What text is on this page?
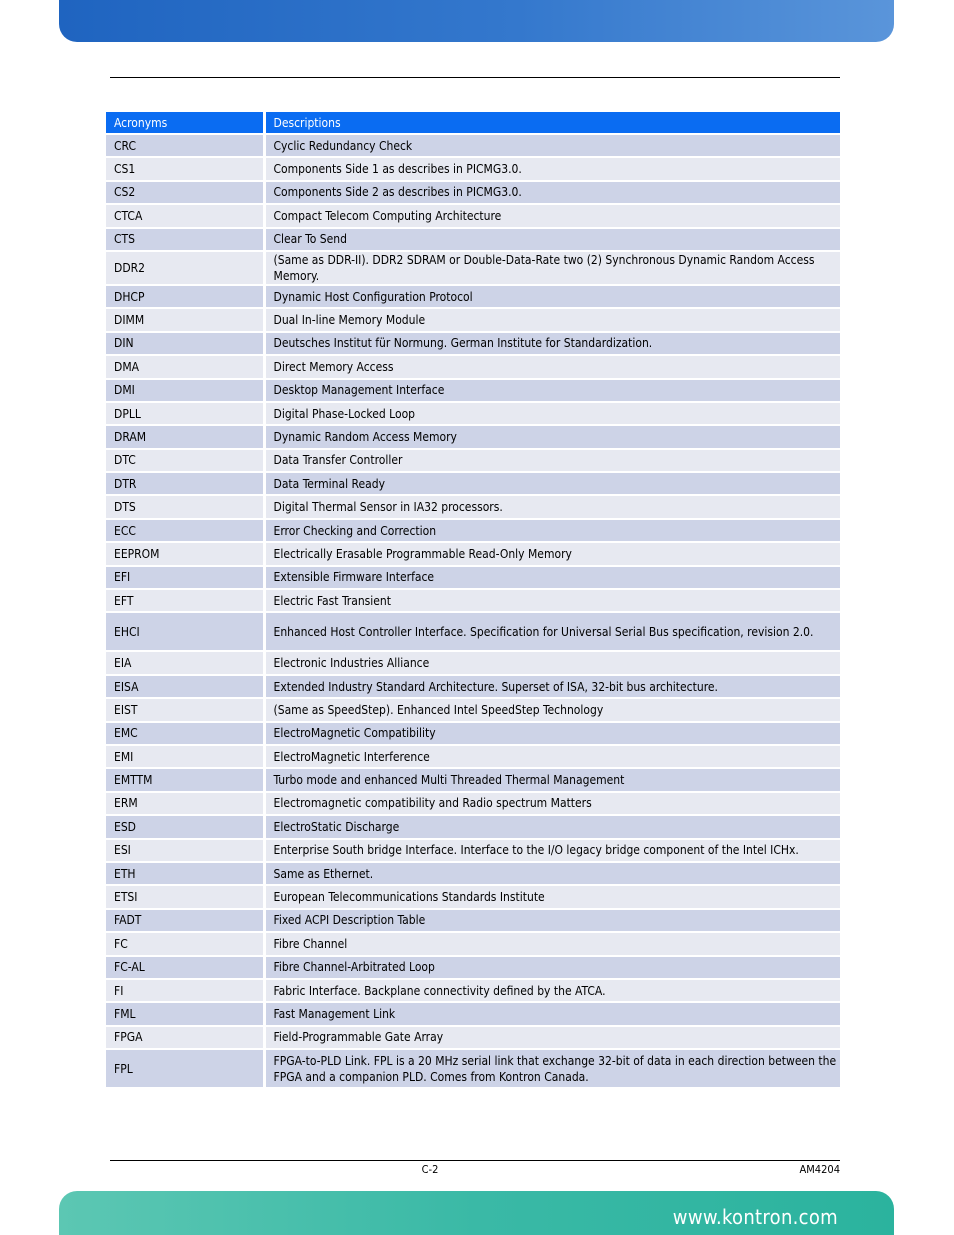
Acronyms	Descriptions
CRC	Cyclic Redundancy Check
CS1	Components Side 1 as describes in PICMG3.0.
CS2	Components Side 2 as describes in PICMG3.0.
CTCA	Compact Telecom Computing Architecture
CTS	Clear To Send
DDR2	(Same as DDR-II). DDR2 SDRAM or Double-Data-Rate two (2) Synchronous Dynamic Random Access Memory.
DHCP	Dynamic Host Configuration Protocol
DIMM	Dual In-line Memory Module
DIN	Deutsches Institut für Normung. German Institute for Standardization.
DMA	Direct Memory Access
DMI	Desktop Management Interface
DPLL	Digital Phase-Locked Loop
DRAM	Dynamic Random Access Memory
DTC	Data Transfer Controller
DTR	Data Terminal Ready
DTS	Digital Thermal Sensor in IA32 processors.
ECC	Error Checking and Correction
EEPROM	Electrically Erasable Programmable Read-Only Memory
EFI	Extensible Firmware Interface
EFT	Electric Fast Transient
EHCI	Enhanced Host Controller Interface. Specification for Universal Serial Bus specification, revision 2.0.
EIA	Electronic Industries Alliance
EISA	Extended Industry Standard Architecture. Superset of ISA, 32-bit bus architecture.
EIST	(Same as SpeedStep). Enhanced Intel SpeedStep Technology
EMC	ElectroMagnetic Compatibility
EMI	ElectroMagnetic Interference
EMTTM	Turbo mode and enhanced Multi Threaded Thermal Management
ERM	Electromagnetic compatibility and Radio spectrum Matters
ESD	ElectroStatic Discharge
ESI	Enterprise South bridge Interface. Interface to the I/O legacy bridge component of the Intel ICHx.
ETH	Same as Ethernet.
ETSI	European Telecommunications Standards Institute
FADT	Fixed ACPI Description Table
FC	Fibre Channel
FC-AL	Fibre Channel-Arbitrated Loop
FI	Fabric Interface. Backplane connectivity defined by the ATCA.
FML	Fast Management Link
FPGA	Field-Programmable Gate Array
FPL	FPGA-to-PLD Link. FPL is a 20 MHz serial link that exchange 32-bit of data in each direction between the FPGA and a companion PLD. Comes from Kontron Canada.
C-2	AM4204
www.kontron.com
